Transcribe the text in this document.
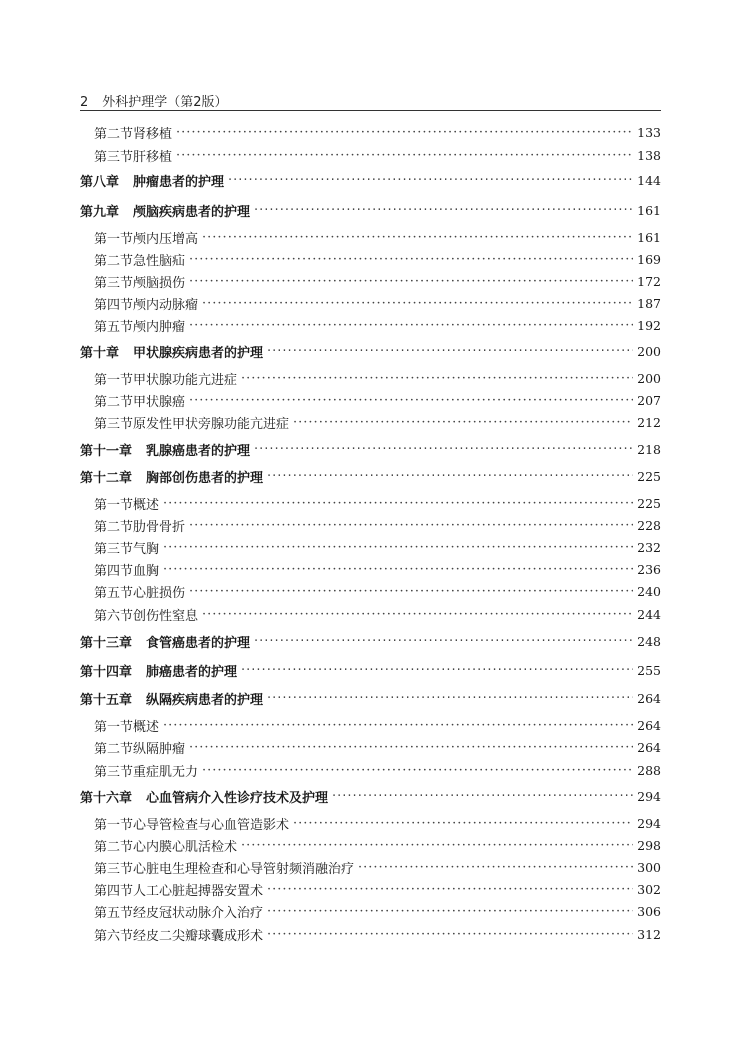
2 外科护理学（第2版）
第二节 肾移植 ·····	133
第三节 肝移植 ·····	138
第八章 肿瘤患者的护理 ·····	144
第九章 颅脑疾病患者的护理 ·····	161
第一节 颅内压增高 ·····	161
第二节 急性脑疝 ·····	169
第三节 颅脑损伤 ·····	172
第四节 颅内动脉瘤 ·····	187
第五节 颅内肿瘤 ·····	192
第十章 甲状腺疾病患者的护理 ·····	200
第一节 甲状腺功能亢进症 ·····	200
第二节 甲状腺癌 ·····	207
第三节 原发性甲状旁腺功能亢进症 ·····	212
第十一章 乳腺癌患者的护理 ·····	218
第十二章 胸部创伤患者的护理 ·····	225
第一节 概述 ·····	225
第二节 肋骨骨折 ·····	228
第三节 气胸 ·····	232
第四节 血胸 ·····	236
第五节 心脏损伤 ·····	240
第六节 创伤性窒息 ·····	244
第十三章 食管癌患者的护理 ·····	248
第十四章 肺癌患者的护理 ·····	255
第十五章 纵隔疾病患者的护理 ·····	264
第一节 概述 ·····	264
第二节 纵隔肿瘤 ·····	264
第三节 重症肌无力 ·····	288
第十六章 心血管病介入性诊疗技术及护理 ·····	294
第一节 心导管检查与心血管造影术 ·····	294
第二节 心内膜心肌活检术 ·····	298
第三节 心脏电生理检查和心导管射频消融治疗 ·····	300
第四节 人工心脏起搏器安置术 ·····	302
第五节 经皮冠状动脉介入治疗 ·····	306
第六节 经皮二尖瓣球囊成形术 ·····	312
